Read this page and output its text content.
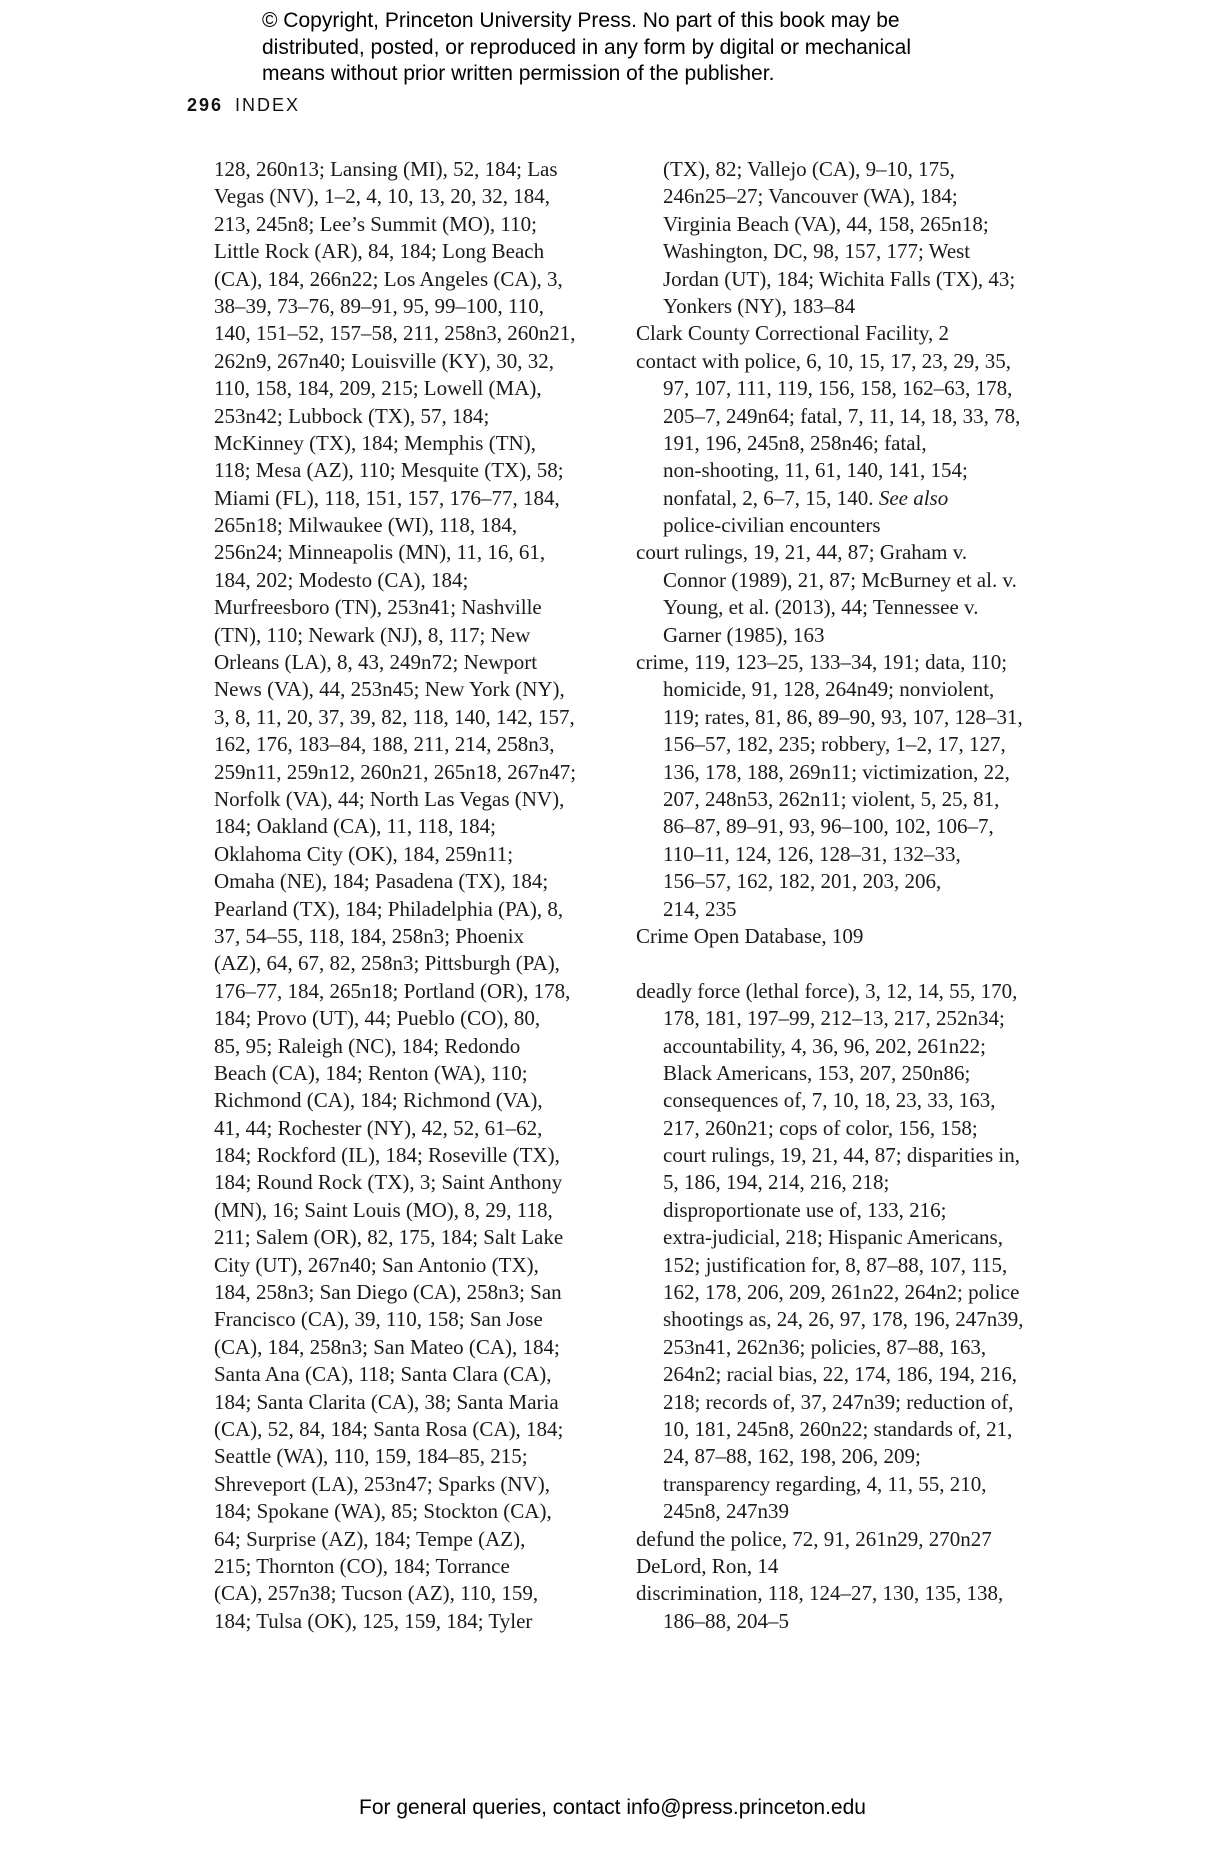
© Copyright, Princeton University Press. No part of this book may be
distributed, posted, or reproduced in any form by digital or mechanical
means without prior written permission of the publisher.
296 INDEX
128, 260n13; Lansing (MI), 52, 184; Las
Vegas (NV), 1–2, 4, 10, 13, 20, 32, 184,
213, 245n8; Lee’s Summit (MO), 110;
Little Rock (AR), 84, 184; Long Beach
(CA), 184, 266n22; Los Angeles (CA), 3,
38–39, 73–76, 89–91, 95, 99–100, 110,
140, 151–52, 157–58, 211, 258n3, 260n21,
262n9, 267n40; Louisville (KY), 30, 32,
110, 158, 184, 209, 215; Lowell (MA),
253n42; Lubbock (TX), 57, 184;
McKinney (TX), 184; Memphis (TN),
118; Mesa (AZ), 110; Mesquite (TX), 58;
Miami (FL), 118, 151, 157, 176–77, 184,
265n18; Milwaukee (WI), 118, 184,
256n24; Minneapolis (MN), 11, 16, 61,
184, 202; Modesto (CA), 184;
Murfreesboro (TN), 253n41; Nashville
(TN), 110; Newark (NJ), 8, 117; New
Orleans (LA), 8, 43, 249n72; Newport
News (VA), 44, 253n45; New York (NY),
3, 8, 11, 20, 37, 39, 82, 118, 140, 142, 157,
162, 176, 183–84, 188, 211, 214, 258n3,
259n11, 259n12, 260n21, 265n18, 267n47;
Norfolk (VA), 44; North Las Vegas (NV),
184; Oakland (CA), 11, 118, 184;
Oklahoma City (OK), 184, 259n11;
Omaha (NE), 184; Pasadena (TX), 184;
Pearland (TX), 184; Philadelphia (PA), 8,
37, 54–55, 118, 184, 258n3; Phoenix
(AZ), 64, 67, 82, 258n3; Pittsburgh (PA),
176–77, 184, 265n18; Portland (OR), 178,
184; Provo (UT), 44; Pueblo (CO), 80,
85, 95; Raleigh (NC), 184; Redondo
Beach (CA), 184; Renton (WA), 110;
Richmond (CA), 184; Richmond (VA),
41, 44; Rochester (NY), 42, 52, 61–62,
184; Rockford (IL), 184; Roseville (TX),
184; Round Rock (TX), 3; Saint Anthony
(MN), 16; Saint Louis (MO), 8, 29, 118,
211; Salem (OR), 82, 175, 184; Salt Lake
City (UT), 267n40; San Antonio (TX),
184, 258n3; San Diego (CA), 258n3; San
Francisco (CA), 39, 110, 158; San Jose
(CA), 184, 258n3; San Mateo (CA), 184;
Santa Ana (CA), 118; Santa Clara (CA),
184; Santa Clarita (CA), 38; Santa Maria
(CA), 52, 84, 184; Santa Rosa (CA), 184;
Seattle (WA), 110, 159, 184–85, 215;
Shreveport (LA), 253n47; Sparks (NV),
184; Spokane (WA), 85; Stockton (CA),
64; Surprise (AZ), 184; Tempe (AZ),
215; Thornton (CO), 184; Torrance
(CA), 257n38; Tucson (AZ), 110, 159,
184; Tulsa (OK), 125, 159, 184; Tyler
(TX), 82; Vallejo (CA), 9–10, 175,
246n25–27; Vancouver (WA), 184;
Virginia Beach (VA), 44, 158, 265n18;
Washington, DC, 98, 157, 177; West
Jordan (UT), 184; Wichita Falls (TX), 43;
Yonkers (NY), 183–84
Clark County Correctional Facility, 2
contact with police, 6, 10, 15, 17, 23, 29, 35,
97, 107, 111, 119, 156, 158, 162–63, 178,
205–7, 249n64; fatal, 7, 11, 14, 18, 33, 78,
191, 196, 245n8, 258n46; fatal,
non-shooting, 11, 61, 140, 141, 154;
nonfatal, 2, 6–7, 15, 140. See also
police-civilian encounters
court rulings, 19, 21, 44, 87; Graham v.
Connor (1989), 21, 87; McBurney et al. v.
Young, et al. (2013), 44; Tennessee v.
Garner (1985), 163
crime, 119, 123–25, 133–34, 191; data, 110;
homicide, 91, 128, 264n49; nonviolent,
119; rates, 81, 86, 89–90, 93, 107, 128–31,
156–57, 182, 235; robbery, 1–2, 17, 127,
136, 178, 188, 269n11; victimization, 22,
207, 248n53, 262n11; violent, 5, 25, 81,
86–87, 89–91, 93, 96–100, 102, 106–7,
110–11, 124, 126, 128–31, 132–33,
156–57, 162, 182, 201, 203, 206,
214, 235
Crime Open Database, 109
deadly force (lethal force), 3, 12, 14, 55, 170,
178, 181, 197–99, 212–13, 217, 252n34;
accountability, 4, 36, 96, 202, 261n22;
Black Americans, 153, 207, 250n86;
consequences of, 7, 10, 18, 23, 33, 163,
217, 260n21; cops of color, 156, 158;
court rulings, 19, 21, 44, 87; disparities in,
5, 186, 194, 214, 216, 218;
disproportionate use of, 133, 216;
extra-judicial, 218; Hispanic Americans,
152; justification for, 8, 87–88, 107, 115,
162, 178, 206, 209, 261n22, 264n2; police
shootings as, 24, 26, 97, 178, 196, 247n39,
253n41, 262n36; policies, 87–88, 163,
264n2; racial bias, 22, 174, 186, 194, 216,
218; records of, 37, 247n39; reduction of,
10, 181, 245n8, 260n22; standards of, 21,
24, 87–88, 162, 198, 206, 209;
transparency regarding, 4, 11, 55, 210,
245n8, 247n39
defund the police, 72, 91, 261n29, 270n27
DeLord, Ron, 14
discrimination, 118, 124–27, 130, 135, 138,
186–88, 204–5
For general queries, contact info@press.princeton.edu
